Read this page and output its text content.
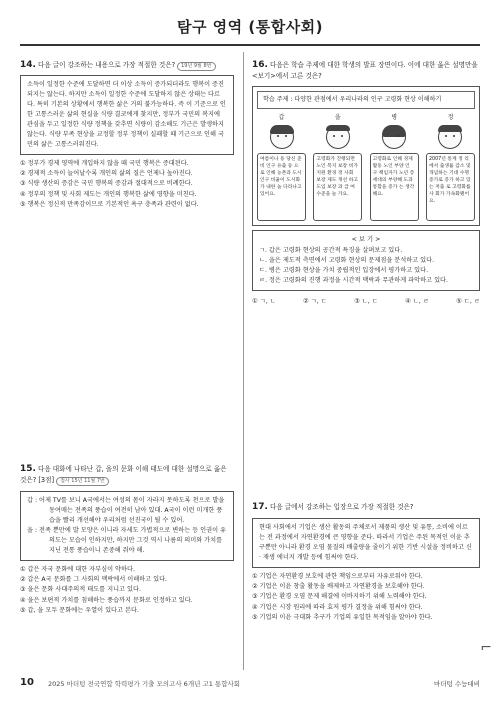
탐구 영역 (통합사회)
14. 다음 글이 강조하는 내용으로 가장 적절한 것은? 19년 9월 8번
소득이 일정한 수준에 도달하면 더 이상 소득이 증가되더라도 행복이 증진되지는 않는다. 하지만 소득이 일정한 수준에 도달하지 않은 상태는 다르다. 특히 기본의 상황에서 행복한 삶은 거의 불가능하다. 즉 이 기준으로 인한 고통스러운 삶의 현실을 식량 결코에게 찾지만, 정부가 국민의 복지에 관심을 두고 일정한 식량 정책을 갖추면 식량이 감소해도 기근은 발생하지 않는다. 식량 부족 현상을 교정할 정부 정책이 실패할 때 기근으로 인해 국민의 삶은 고통스러워진다.

① 정부가 경제 영역에 개입하지 않을 때 국민 행복은 증대된다.

② 경제적 소득이 늘어날수록 개인의 삶의 질은 언제나 높아진다.

③ 식량 생산의 증감은 국민 행복의 증감과 절대적으로 비례한다.

④ 정부의 정책 및 사회 제도는 개인의 행복한 삶에 영향을 미친다.

⑤ 행복은 정신적 만족감이므로 기본적인 욕구 충족과 관련이 없다.

15. 다음 대화에 나타난 갑, 을의 문화 이해 태도에 대한 설명으로 옳은 것은? [3점] 접사 15년 11월 7번
갑 : 어제 TV를 보니 A국에서는 여성의 몸이 자라지 못하도록 천으로 발을 동여매는 전족의 풍습이 여전히 남아 있대. A국이 이런 미개한 풍습을 빨리 개선해야 우리처럼 선진국이 될 수 있어.
을 : 전족 뿐만에 발 모양은 이니라 자세도 가볍적으로 변하는 등 인권이 유의도는 모습이 인하지만, 하지만 그것 역시 나름의 의미와 가치를 지닌 전통 풍습이니 존중해 줘야 해.

① 갑은 자국 문화에 대한 자부심이 약하다.

② 갑은 A국 문화를 그 사회의 맥락에서 이해하고 있다.

③ 을은 문화 사대주의적 태도를 지니고 있다.

④ 을은 보편적 가치를 침해하는 풍습까지 문화로 인정하고 있다.

⑤ 갑, 을 모두 문화에는 우열이 있다고 본다.

16. 다음은 학습 주제에 대한 학생의 발표 장면이다. 이에 대한 옳은 설명만을 <보기>에서 고른 것은?
학습 주제 : 다양한 관점에서 우리나라의 인구 고령화 현상 이해하기
갑
여름이나 동 당신 준비 인구 유출 동 으로 인해 농촌과 도시 인구 비율이 도시화가 내한 높 다라나고 있어요.
을
고령화가 진행되면 노인 복지 보장 비가 지원 환경 정 사회 보장 제도 개선 하고 도입 보장 과 급 여 수준을 늘 가요.
병
고령화로 인해 경제 활동 노인 부양 인 구 책임자가 노년 층 세대의 부양해 도과 통합을 증가 는 생각해요.
정
2007년 통계 정 리에서 출생률 감소 및 개념하는 기대 수명 증가로 증가 하고 있는 저출 로 고령화를 사 회가 가속화됐어요.
< 보 기 >
ㄱ. 갑은 고령화 현상의 공간적 특징을 살펴보고 있다.
ㄴ. 을은 제도적 측면에서 고령화 현상의 문제점을 분석하고 있다.
ㄷ. 병은 고령화 현상을 가치 중립적인 입장에서 평가하고 있다.
ㄹ. 정은 고령화의 진행 과정을 시간적 맥락과 무관하게 파악하고 있다.
① ㄱ, ㄴ	② ㄱ, ㄷ	③ ㄴ, ㄷ	④ ㄴ, ㄹ	⑤ ㄷ, ㄹ
17. 다음 글에서 강조하는 입장으로 가장 적절한 것은?
현대 사회에서 기업은 생산 활동의 주체로서 제품의 생산 및 유통, 소비에 이르는 전 과정에서 자연환경에 큰 영향을 준다. 따라서 기업은 주된 목적인 이윤 추구뿐만 아니라 환경 오염 물질의 배출량을 줄이기 위한 기반 시설을 정비하고 신 · 재생 에너지 개발 등에 힘써야 한다.

① 기업은 자연환경 보호에 관한 책임으로부터 자유로워야 한다.

② 기업은 이윤 창출 활동을 배제하고 자연환경을 보호해야 한다.

③ 기업은 환경 오염 문제 해결에 이바지하기 위해 노력해야 한다.

④ 기업은 시장 원리에 따라 효저 평가 결정을 위해 힘써야 한다.

⑤ 기업의 이윤 극대화 추구가 기업의 유일한 목적임을 알아야 한다.

⌐
10 2025 마더텅 전국연합 학력평가 기출 모의고사 6개년 고1 통합사회	마더텅 수능대비
